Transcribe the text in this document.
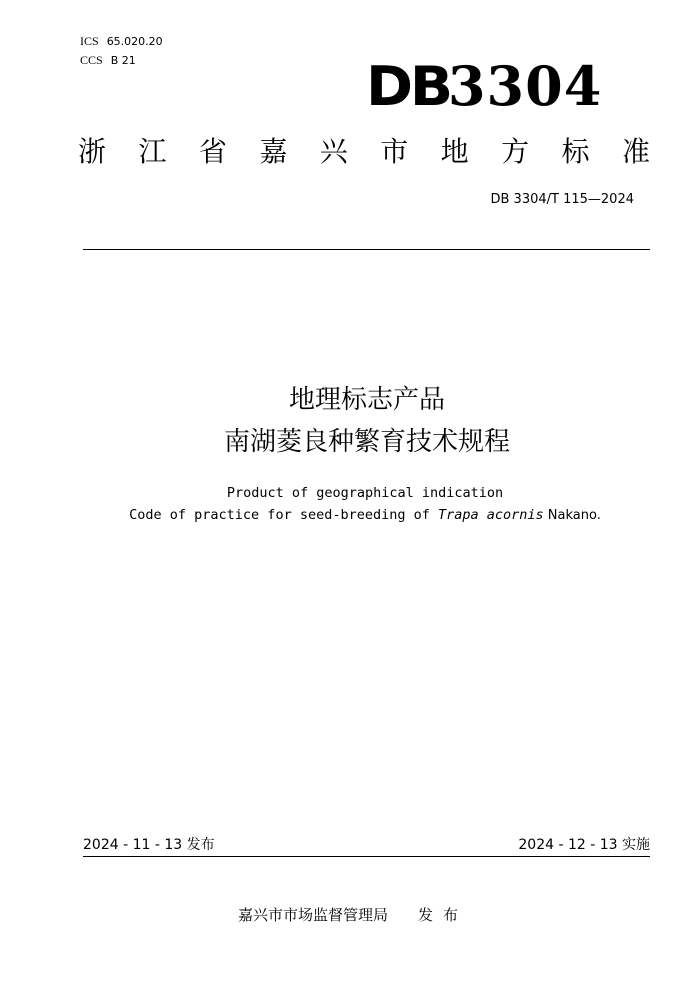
ICS 65.020.20
CCS B 21	DB3304
浙 江 省 嘉 兴 市 地 方 标 准
DB 3304/T 115—2024
地理标志产品
南湖菱良种繁育技术规程
Product of geographical indication
Code of practice for seed-breeding of Trapa acornis Nakano.
2024 - 11 - 13 发布	2024 - 12 - 13 实施
嘉兴市市场监督管理局 发布
